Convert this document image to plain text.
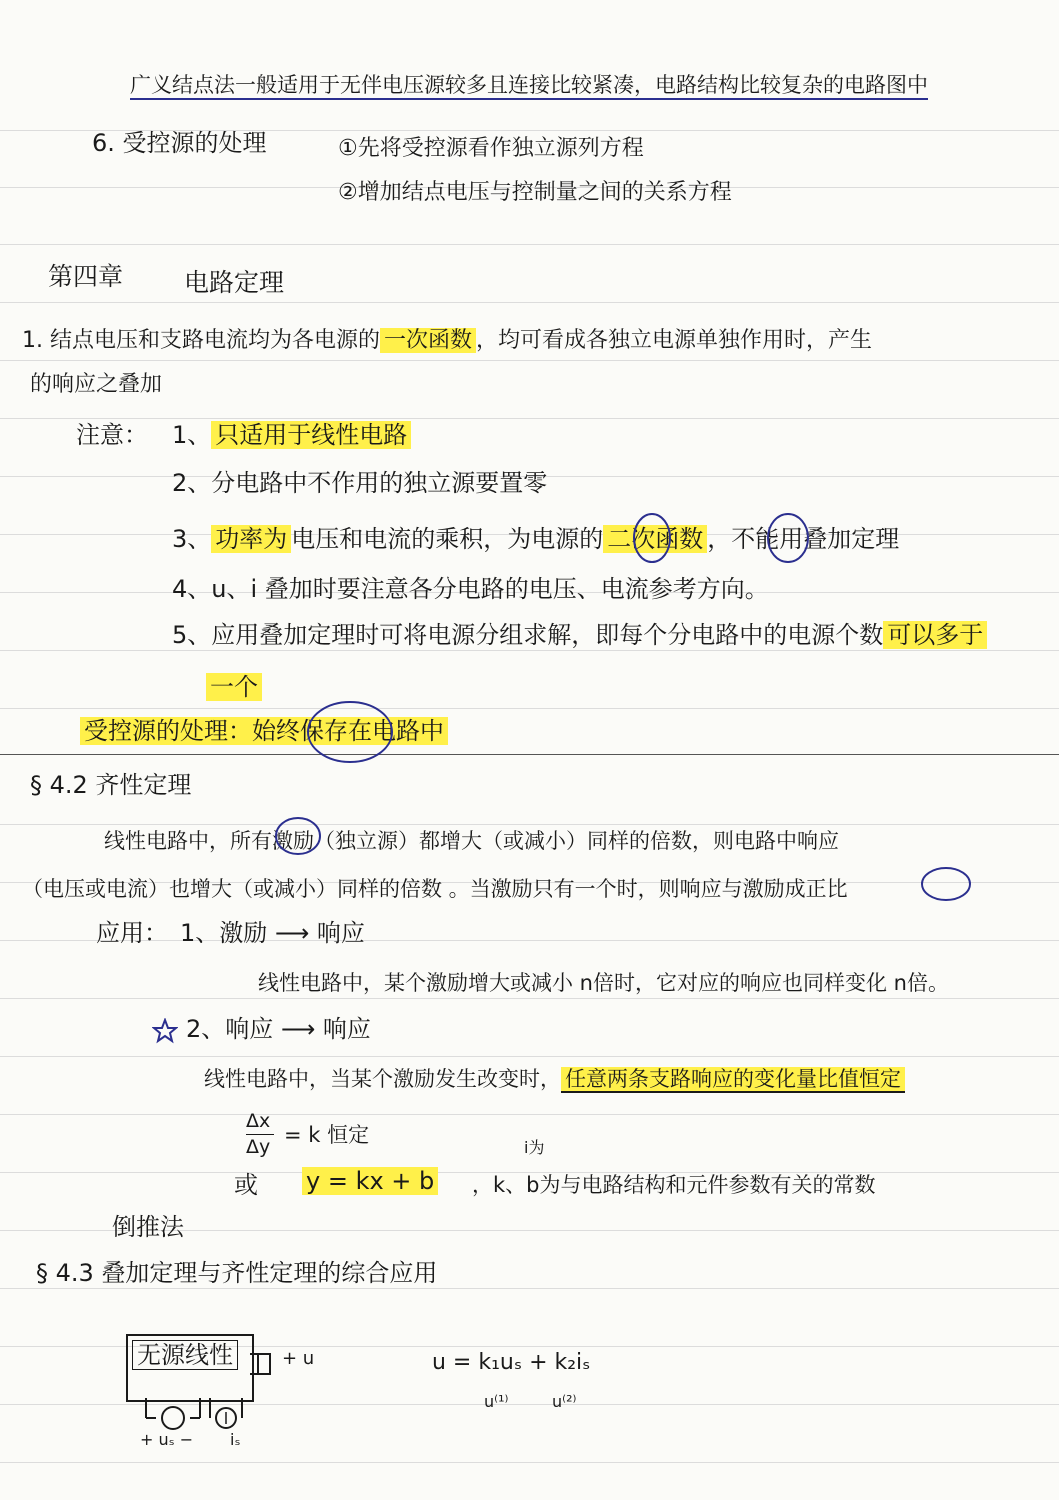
广义结点法一般适用于无伴电压源较多且连接比较紧凑，电路结构比较复杂的电路图中
6. 受控源的处理	①先将受控源看作独立源列方程
②增加结点电压与控制量之间的关系方程
第四章 电路定理
1. 结点电压和支路电流均为各电源的 一次函数 ，均可看成各独立电源单独作用时，产生
的响应之叠加
注意： 1、 只适用于线性电路
2、分电路中不作用的独立源要置零
3、 功率为 电压和电流的乘积，为电源的 二次函数 ，不能用叠加定理
4、u、i 叠加时要注意各分电路的电压、电流参考方向。
5、应用叠加定理时可将电源分组求解，即每个分电路中的电源个数 可以多于
一个
受控源的处理：始终保存在电路中
§ 4.2 齐性定理
线性电路中，所有激励（独立源）都增大（或减小）同样的倍数，则电路中响应
（电压或电流）也增大（或减小）同样的倍数 。当激励只有一个时，则响应与激励成正比
应用： 1、激励 ⟶ 响应
线性电路中，某个激励增大或减小 n倍时，它对应的响应也同样变化 n倍。
2、响应 ⟶ 响应
线性电路中，当某个激励发生改变时， 任意两条支路响应的变化量比值恒定
Δx
Δy = k 恒定
i为
或 y = kx + b ，k、b为与电路结构和元件参数有关的常数
倒推法
§ 4.3 叠加定理与齐性定理的综合应用
无源线性	+ u
+ uₛ − iₛ
u = k₁uₛ + k₂iₛ
u⁽¹⁾	u⁽²⁾
